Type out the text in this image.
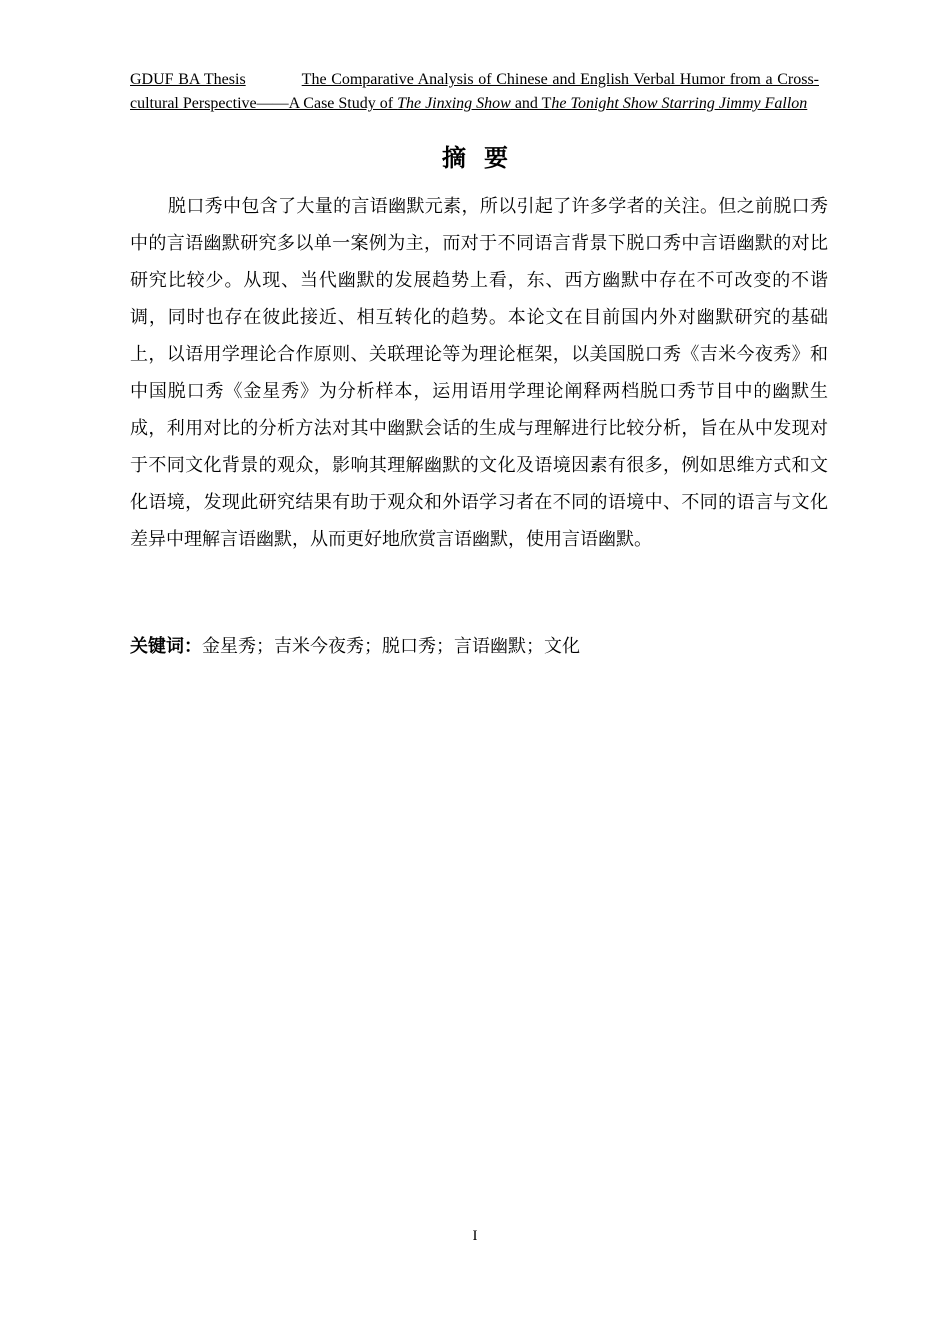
GDUF BA Thesis	The Comparative Analysis of Chinese and English Verbal Humor from a Cross-cultural Perspective——A Case Study of The Jinxing Show and The Tonight Show Starring Jimmy Fallon
摘要

脱口秀中包含了大量的言语幽默元素，所以引起了许多学者的关注。但之前脱口秀中的言语幽默研究多以单一案例为主，而对于不同语言背景下脱口秀中言语幽默的对比研究比较少。从现、当代幽默的发展趋势上看，东、西方幽默中存在不可改变的不谐调，同时也存在彼此接近、相互转化的趋势。本论文在目前国内外对幽默研究的基础上，以语用学理论合作原则、关联理论等为理论框架，以美国脱口秀《吉米今夜秀》和中国脱口秀《金星秀》为分析样本，运用语用学理论阐释两档脱口秀节目中的幽默生成，利用对比的分析方法对其中幽默会话的生成与理解进行比较分析，旨在从中发现对于不同文化背景的观众，影响其理解幽默的文化及语境因素有很多，例如思维方式和文化语境，发现此研究结果有助于观众和外语学习者在不同的语境中、不同的语言与文化差异中理解言语幽默，从而更好地欣赏言语幽默，使用言语幽默。

关键词：金星秀；吉米今夜秀；脱口秀；言语幽默；文化
I
